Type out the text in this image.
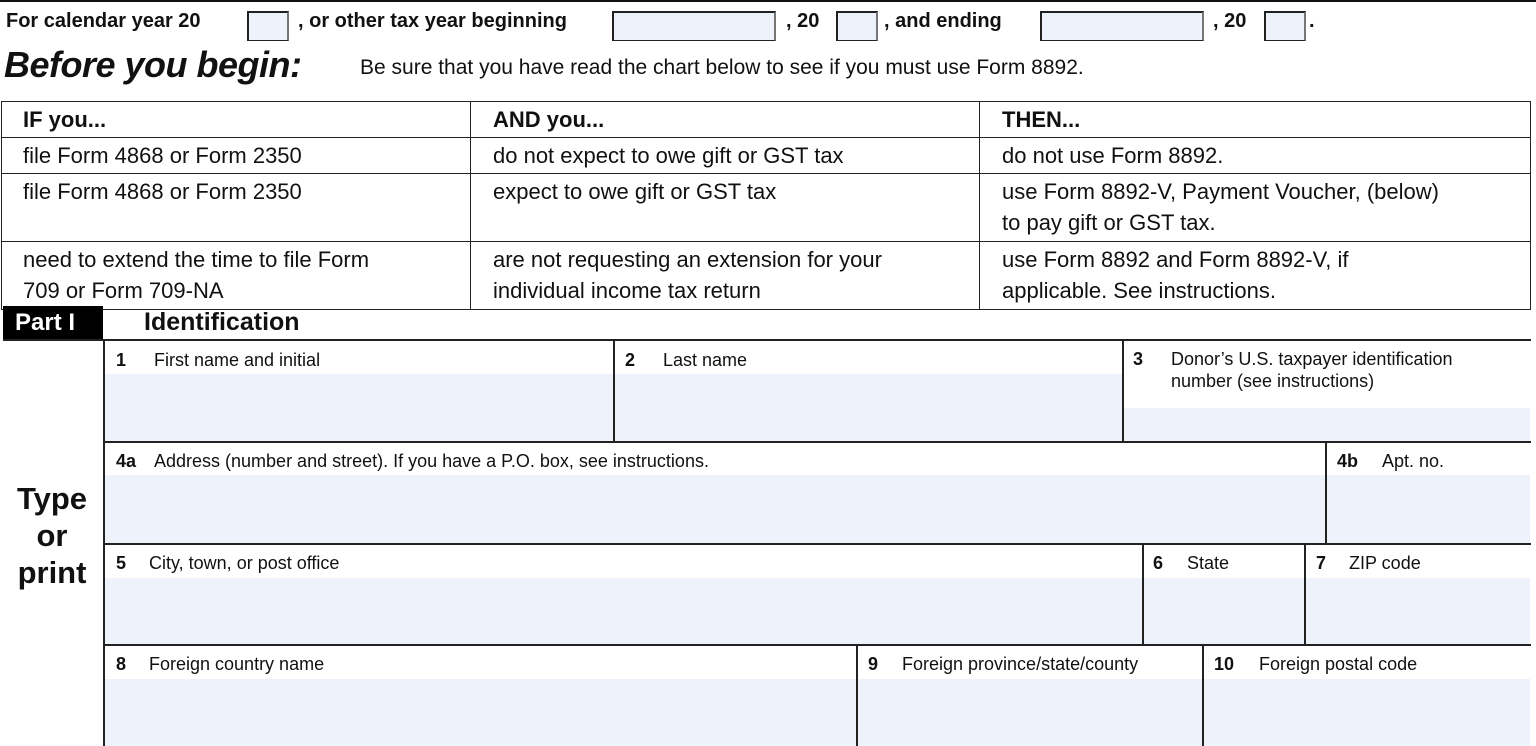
For calendar year 20	, or other tax year beginning	, 20	, and ending	, 20	.
Before you begin:	Be sure that you have read the chart below to see if you must use Form 8892.
IF you...	AND you...	THEN...
file Form 4868 or Form 2350	do not expect to owe gift or GST tax	do not use Form 8892.
file Form 4868 or Form 2350	expect to owe gift or GST tax	use Form 8892-V, Payment Voucher, (below) to pay gift or GST tax.
need to extend the time to file Form 709 or Form 709-NA	are not requesting an extension for your individual income tax return	use Form 8892 and Form 8892-V, if applicable. See instructions.
Part I	Identification
Type
or
print
1 First name and initial	2 Last name	3 Donor’s U.S. taxpayer identification
number (see instructions)
4a Address (number and street). If you have a P.O. box, see instructions.	4b Apt. no.
5 City, town, or post office	6 State	7 ZIP code
8 Foreign country name	9 Foreign province/state/county	10 Foreign postal code
